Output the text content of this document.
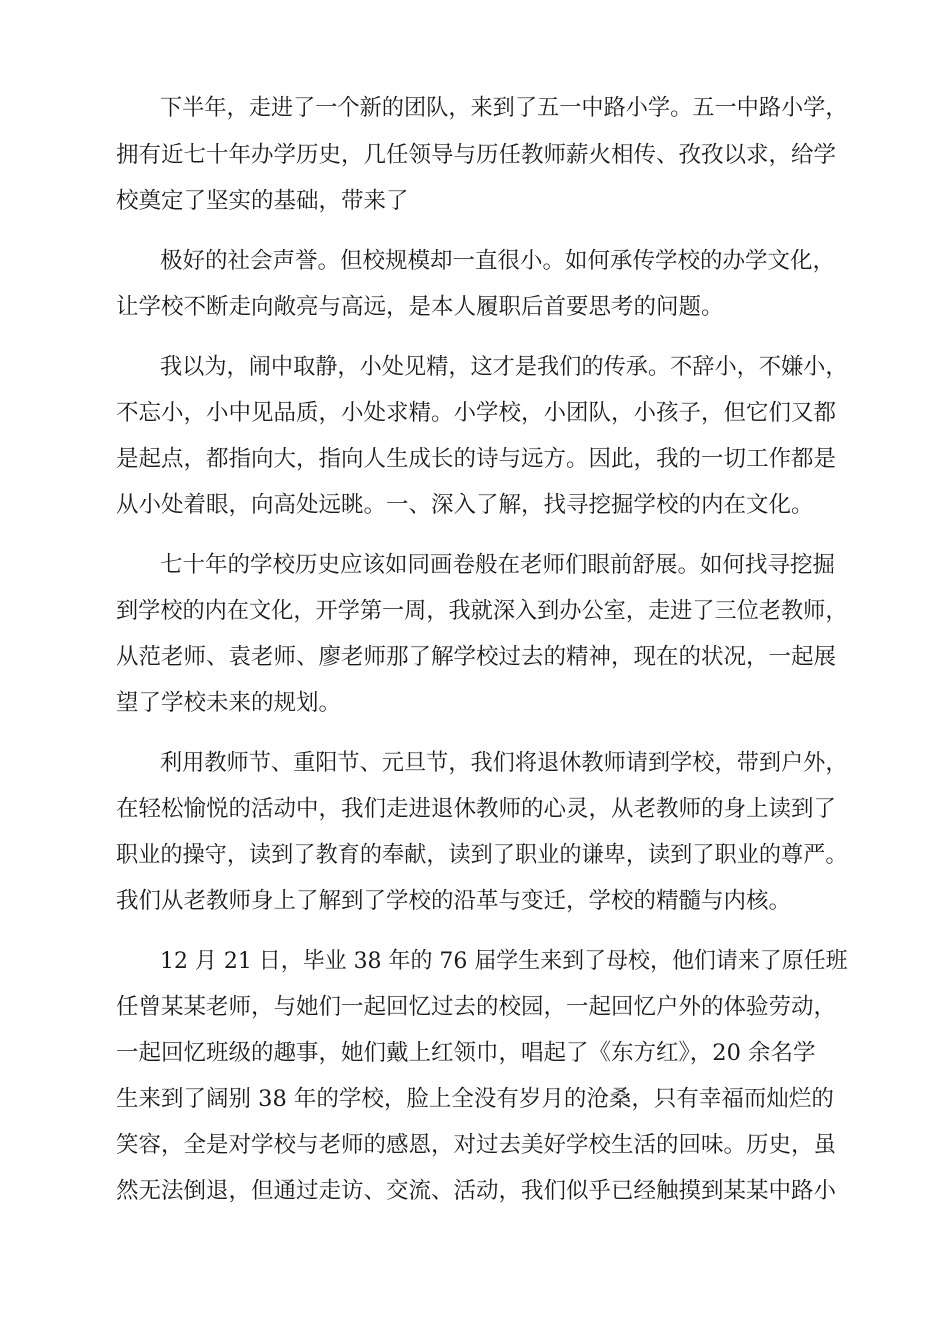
下半年，走进了一个新的团队，来到了五一中路小学。五一中路小学，

拥有近七十年办学历史，几任领导与历任教师薪火相传、孜孜以求，给学

校奠定了坚实的基础，带来了

极好的社会声誉。但校规模却一直很小。如何承传学校的办学文化，

让学校不断走向敞亮与高远，是本人履职后首要思考的问题。

我以为，闹中取静，小处见精，这才是我们的传承。不辞小，不嫌小，

不忘小，小中见品质，小处求精。小学校，小团队，小孩子，但它们又都

是起点，都指向大，指向人生成长的诗与远方。因此，我的一切工作都是

从小处着眼，向高处远眺。一、深入了解，找寻挖掘学校的内在文化。

七十年的学校历史应该如同画卷般在老师们眼前舒展。如何找寻挖掘

到学校的内在文化，开学第一周，我就深入到办公室，走进了三位老教师，

从范老师、袁老师、廖老师那了解学校过去的精神，现在的状况，一起展

望了学校未来的规划。

利用教师节、重阳节、元旦节，我们将退休教师请到学校，带到户外，

在轻松愉悦的活动中，我们走进退休教师的心灵，从老教师的身上读到了

职业的操守，读到了教育的奉献，读到了职业的谦卑，读到了职业的尊严。

我们从老教师身上了解到了学校的沿革与变迁，学校的精髓与内核。

12 月 21 日，毕业 38 年的 76 届学生来到了母校，他们请来了原任班

任曾某某老师，与她们一起回忆过去的校园，一起回忆户外的体验劳动，

一起回忆班级的趣事，她们戴上红领巾，唱起了《东方红》，20 余名学

生来到了阔别 38 年的学校，脸上全没有岁月的沧桑，只有幸福而灿烂的

笑容，全是对学校与老师的感恩，对过去美好学校生活的回味。历史，虽

然无法倒退，但通过走访、交流、活动，我们似乎已经触摸到某某中路小
